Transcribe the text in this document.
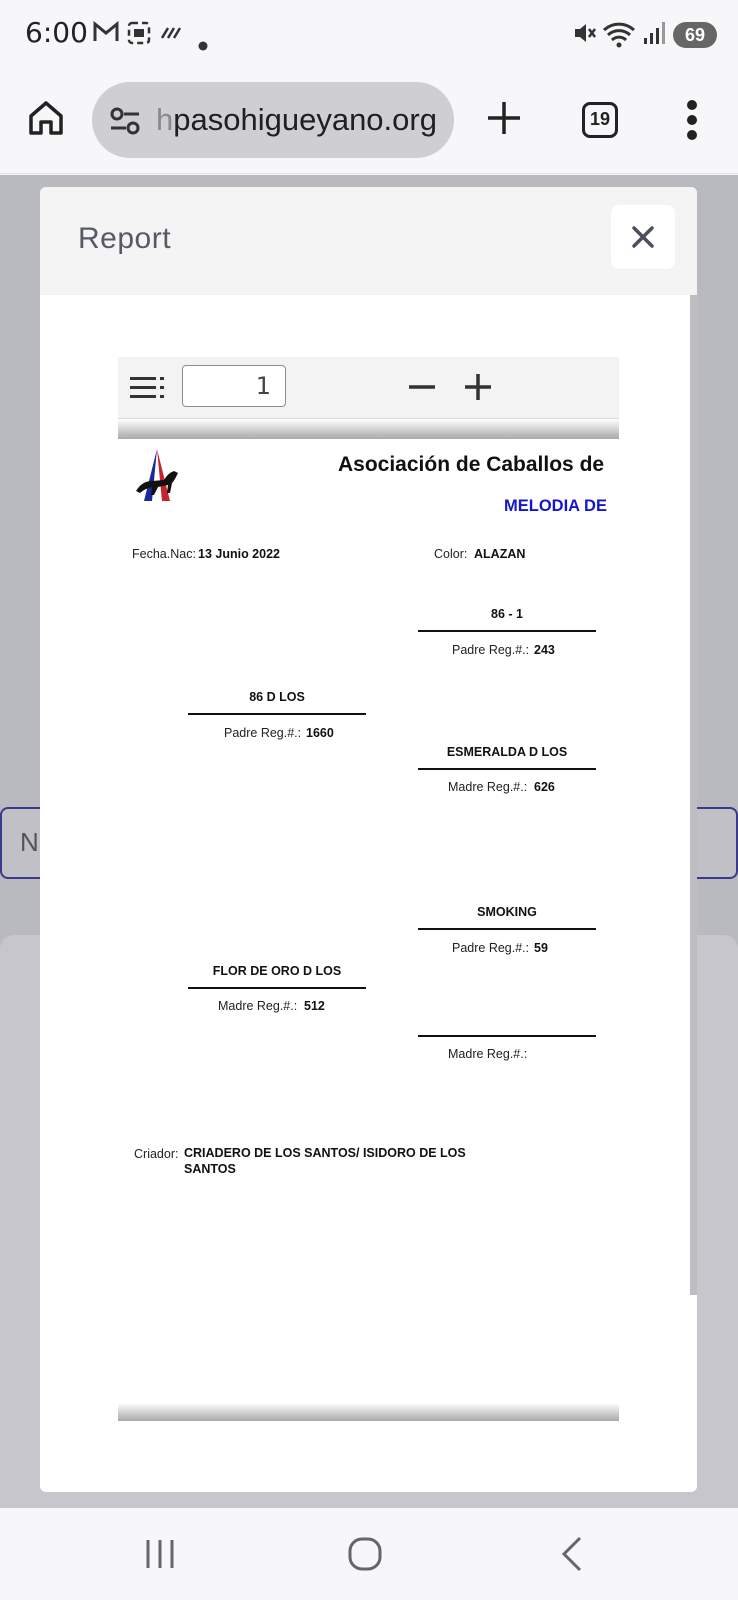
6:00	69
hpasohigueyano.org	19
N
Report
1
Asociación de Caballos de
MELODIA DE
Fecha.Nac: 13 Junio 2022	Color: ALAZAN
86 - 1
Padre Reg.#.: 243
86 D LOS
Padre Reg.#.: 1660
ESMERALDA D LOS
Madre Reg.#.: 626
SMOKING
Padre Reg.#.: 59
FLOR DE ORO D LOS
Madre Reg.#.: 512
Madre Reg.#.:
Criador: CRIADERO DE LOS SANTOS/ ISIDORO DE LOS
SANTOS
